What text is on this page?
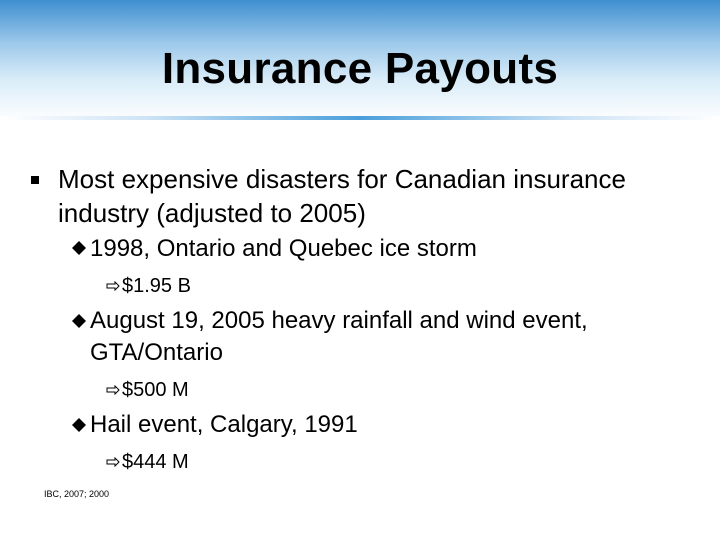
Insurance Payouts
Most expensive disasters for Canadian insurance industry (adjusted to 2005)
1998, Ontario and Quebec ice storm
$1.95 B
August 19, 2005 heavy rainfall and wind event,
GTA/Ontario
$500 M
Hail event, Calgary, 1991
$444 M
IBC, 2007; 2000
